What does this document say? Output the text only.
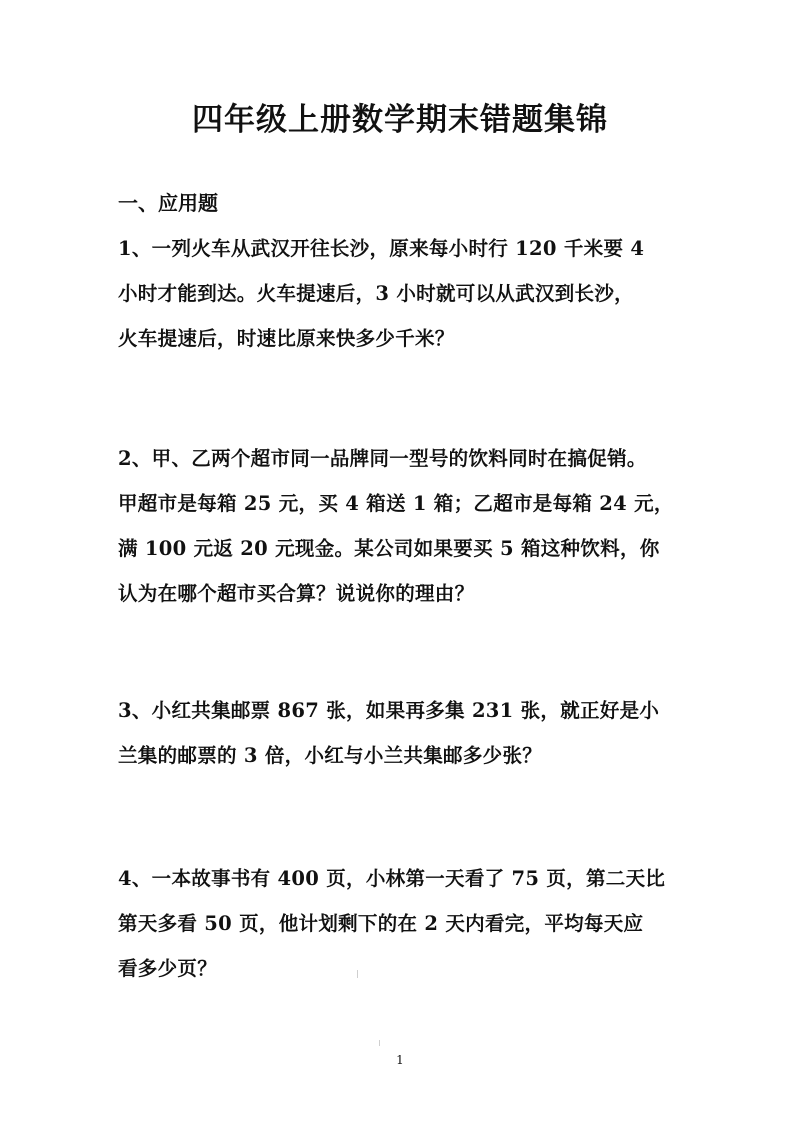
四年级上册数学期末错题集锦
一、应用题
1、一列火车从武汉开往长沙，原来每小时行 120 千米要 4
小时才能到达。火车提速后，3 小时就可以从武汉到长沙，
火车提速后，时速比原来快多少千米？
2、甲、乙两个超市同一品牌同一型号的饮料同时在搞促销。
甲超市是每箱 25 元，买 4 箱送 1 箱；乙超市是每箱 24 元，
满 100 元返 20 元现金。某公司如果要买 5 箱这种饮料，你
认为在哪个超市买合算？说说你的理由？
3、小红共集邮票 867 张，如果再多集 231 张，就正好是小
兰集的邮票的 3 倍，小红与小兰共集邮多少张？
4、一本故事书有 400 页，小林第一天看了 75 页，第二天比
第天多看 50 页，他计划剩下的在 2 天内看完，平均每天应
看多少页？
1
